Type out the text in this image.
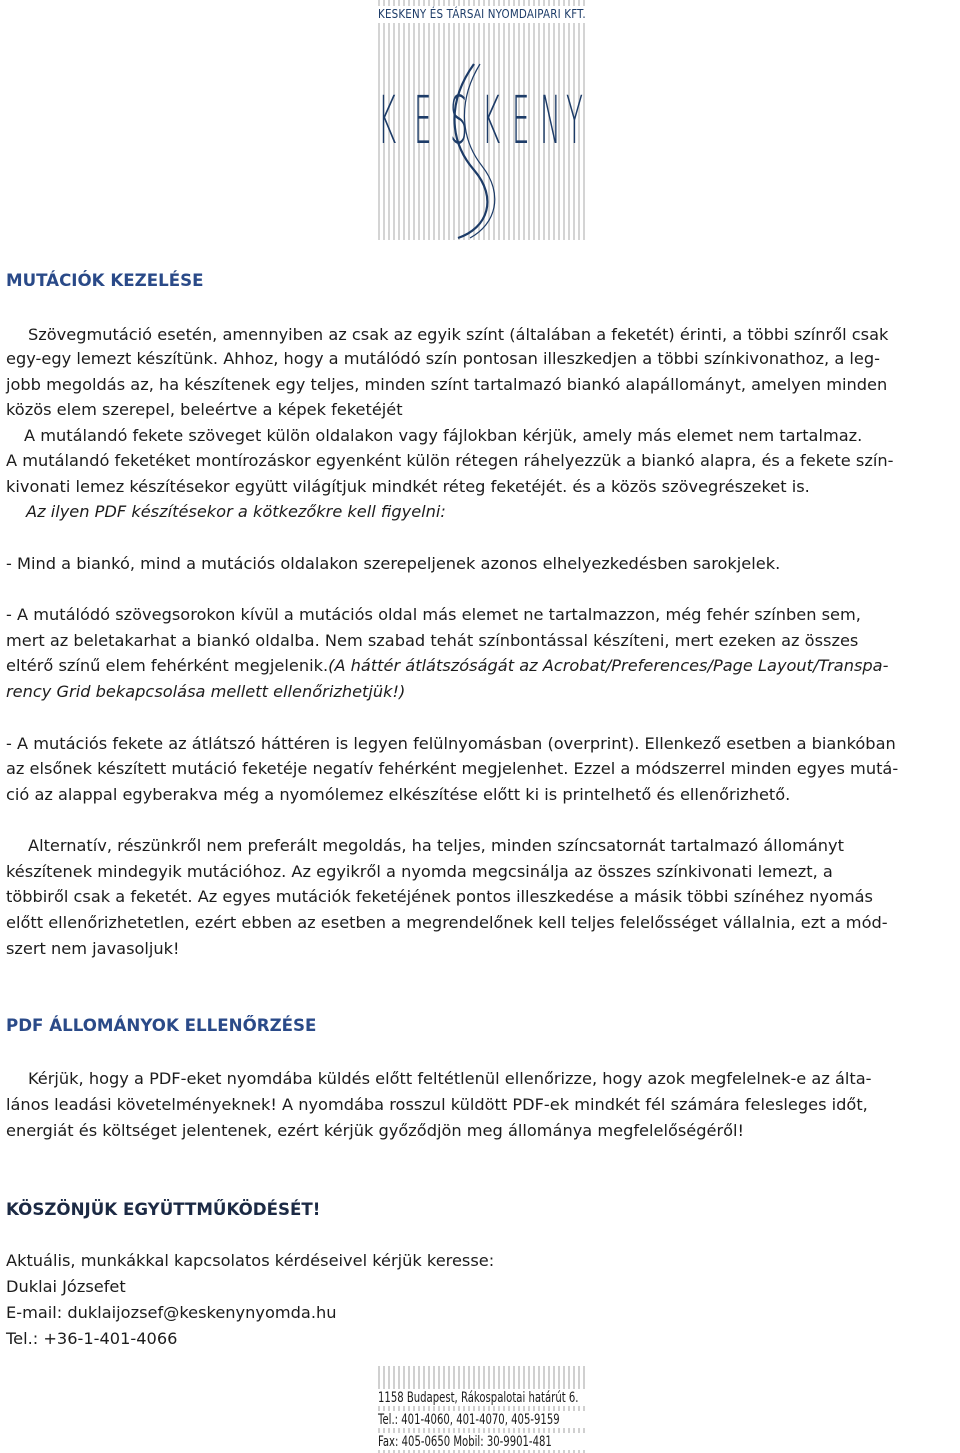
KESKENY ÉS TÁRSAI NYOMDAIPARI KFT.
K E S K E N Y
MUTÁCIÓK KEZELÉSE
Szövegmutáció esetén, amennyiben az csak az egyik színt (általában a feketét) érinti, a többi színről csak
egy-egy lemezt készítünk. Ahhoz, hogy a mutálódó szín pontosan illeszkedjen a többi színkivonathoz, a leg-
jobb megoldás az, ha készítenek egy teljes, minden színt tartalmazó biankó alapállományt, amelyen minden
közös elem szerepel, beleértve a képek feketéjét
A mutálandó fekete szöveget külön oldalakon vagy fájlokban kérjük, amely más elemet nem tartalmaz.
A mutálandó feketéket montírozáskor egyenként külön rétegen ráhelyezzük a biankó alapra, és a fekete szín-
kivonati lemez készítésekor együtt világítjuk mindkét réteg feketéjét. és a közös szövegrészeket is.
Az ilyen PDF készítésekor a kötkezőkre kell figyelni:
- Mind a biankó, mind a mutációs oldalakon szerepeljenek azonos elhelyezkedésben sarokjelek.
- A mutálódó szövegsorokon kívül a mutációs oldal más elemet ne tartalmazzon, még fehér színben sem,
mert az beletakarhat a biankó oldalba. Nem szabad tehát színbontással készíteni, mert ezeken az összes
eltérő színű elem fehérként megjelenik.(A háttér átlátszóságát az Acrobat/Preferences/Page Layout/Transpa-
rency Grid bekapcsolása mellett ellenőrizhetjük!)
- A mutációs fekete az átlátszó háttéren is legyen felülnyomásban (overprint). Ellenkező esetben a biankóban
az elsőnek készített mutáció feketéje negatív fehérként megjelenhet. Ezzel a módszerrel minden egyes mutá-
ció az alappal egyberakva még a nyomólemez elkészítése előtt ki is printelhető és ellenőrizhető.
Alternatív, részünkről nem preferált megoldás, ha teljes, minden színcsatornát tartalmazó állományt
készítenek mindegyik mutációhoz. Az egyikről a nyomda megcsinálja az összes színkivonati lemezt, a
többiről csak a feketét. Az egyes mutációk feketéjének pontos illeszkedése a másik többi színéhez nyomás
előtt ellenőrizhetetlen, ezért ebben az esetben a megrendelőnek kell teljes felelősséget vállalnia, ezt a mód-
szert nem javasoljuk!
PDF ÁLLOMÁNYOK ELLENŐRZÉSE
Kérjük, hogy a PDF-eket nyomdába küldés előtt feltétlenül ellenőrizze, hogy azok megfelelnek-e az álta-
lános leadási követelményeknek! A nyomdába rosszul küldött PDF-ek mindkét fél számára felesleges időt,
energiát és költséget jelentenek, ezért kérjük győződjön meg állománya megfelelőségéről!
KÖSZÖNJÜK EGYÜTTMŰKÖDÉSÉT!
Aktuális, munkákkal kapcsolatos kérdéseivel kérjük keresse:
Duklai Józsefet
E-mail: duklaijozsef@keskenynyomda.hu
Tel.: +36-1-401-4066
1158 Budapest, Rákospalotai határút 6.
Tel.: 401-4060, 401-4070, 405-9159
Fax: 405-0650 Mobil: 30-9901-481
